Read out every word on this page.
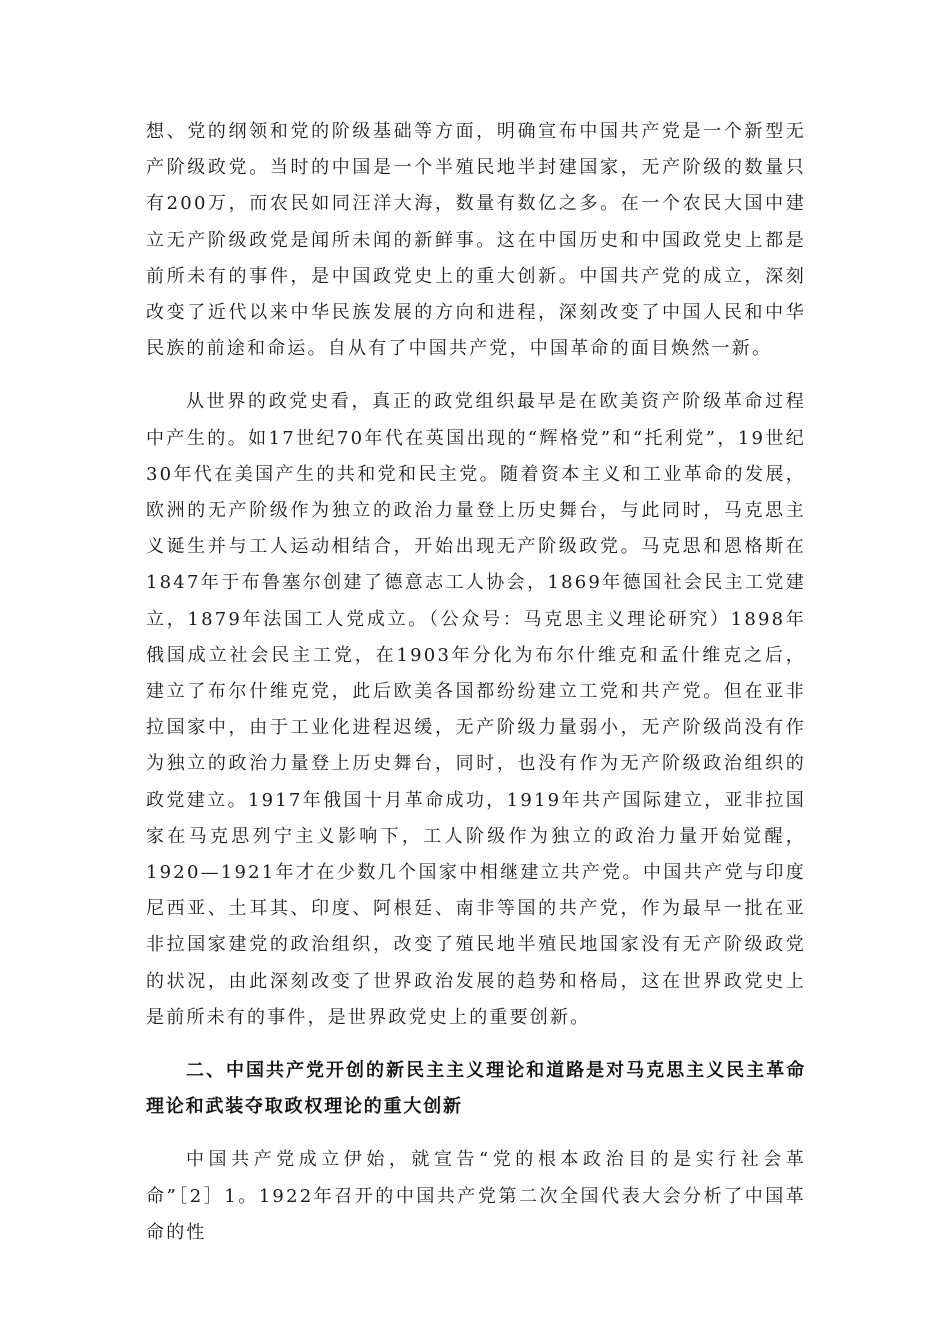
想、党的纲领和党的阶级基础等方面，明确宣布中国共产党是一个新型无产阶级政党。当时的中国是一个半殖民地半封建国家，无产阶级的数量只有200万，而农民如同汪洋大海，数量有数亿之多。在一个农民大国中建立无产阶级政党是闻所未闻的新鲜事。这在中国历史和中国政党史上都是前所未有的事件，是中国政党史上的重大创新。中国共产党的成立，深刻改变了近代以来中华民族发展的方向和进程，深刻改变了中国人民和中华民族的前途和命运。自从有了中国共产党，中国革命的面目焕然一新。

从世界的政党史看，真正的政党组织最早是在欧美资产阶级革命过程中产生的。如17世纪70年代在英国出现的“辉格党”和“托利党”，19世纪30年代在美国产生的共和党和民主党。随着资本主义和工业革命的发展，欧洲的无产阶级作为独立的政治力量登上历史舞台，与此同时，马克思主义诞生并与工人运动相结合，开始出现无产阶级政党。马克思和恩格斯在1847年于布鲁塞尔创建了德意志工人协会，1869年德国社会民主工党建立，1879年法国工人党成立。（公众号：马克思主义理论研究）1898年俄国成立社会民主工党，在1903年分化为布尔什维克和孟什维克之后，建立了布尔什维克党，此后欧美各国都纷纷建立工党和共产党。但在亚非拉国家中，由于工业化进程迟缓，无产阶级力量弱小，无产阶级尚没有作为独立的政治力量登上历史舞台，同时，也没有作为无产阶级政治组织的政党建立。1917年俄国十月革命成功，1919年共产国际建立，亚非拉国家在马克思列宁主义影响下，工人阶级作为独立的政治力量开始觉醒，1920—1921年才在少数几个国家中相继建立共产党。中国共产党与印度尼西亚、土耳其、印度、阿根廷、南非等国的共产党，作为最早一批在亚非拉国家建党的政治组织，改变了殖民地半殖民地国家没有无产阶级政党的状况，由此深刻改变了世界政治发展的趋势和格局，这在世界政党史上是前所未有的事件，是世界政党史上的重要创新。

二、中国共产党开创的新民主主义理论和道路是对马克思主义民主革命理论和武装夺取政权理论的重大创新

中国共产党成立伊始，就宣告“党的根本政治目的是实行社会革命”［2］1。1922年召开的中国共产党第二次全国代表大会分析了中国革命的性
